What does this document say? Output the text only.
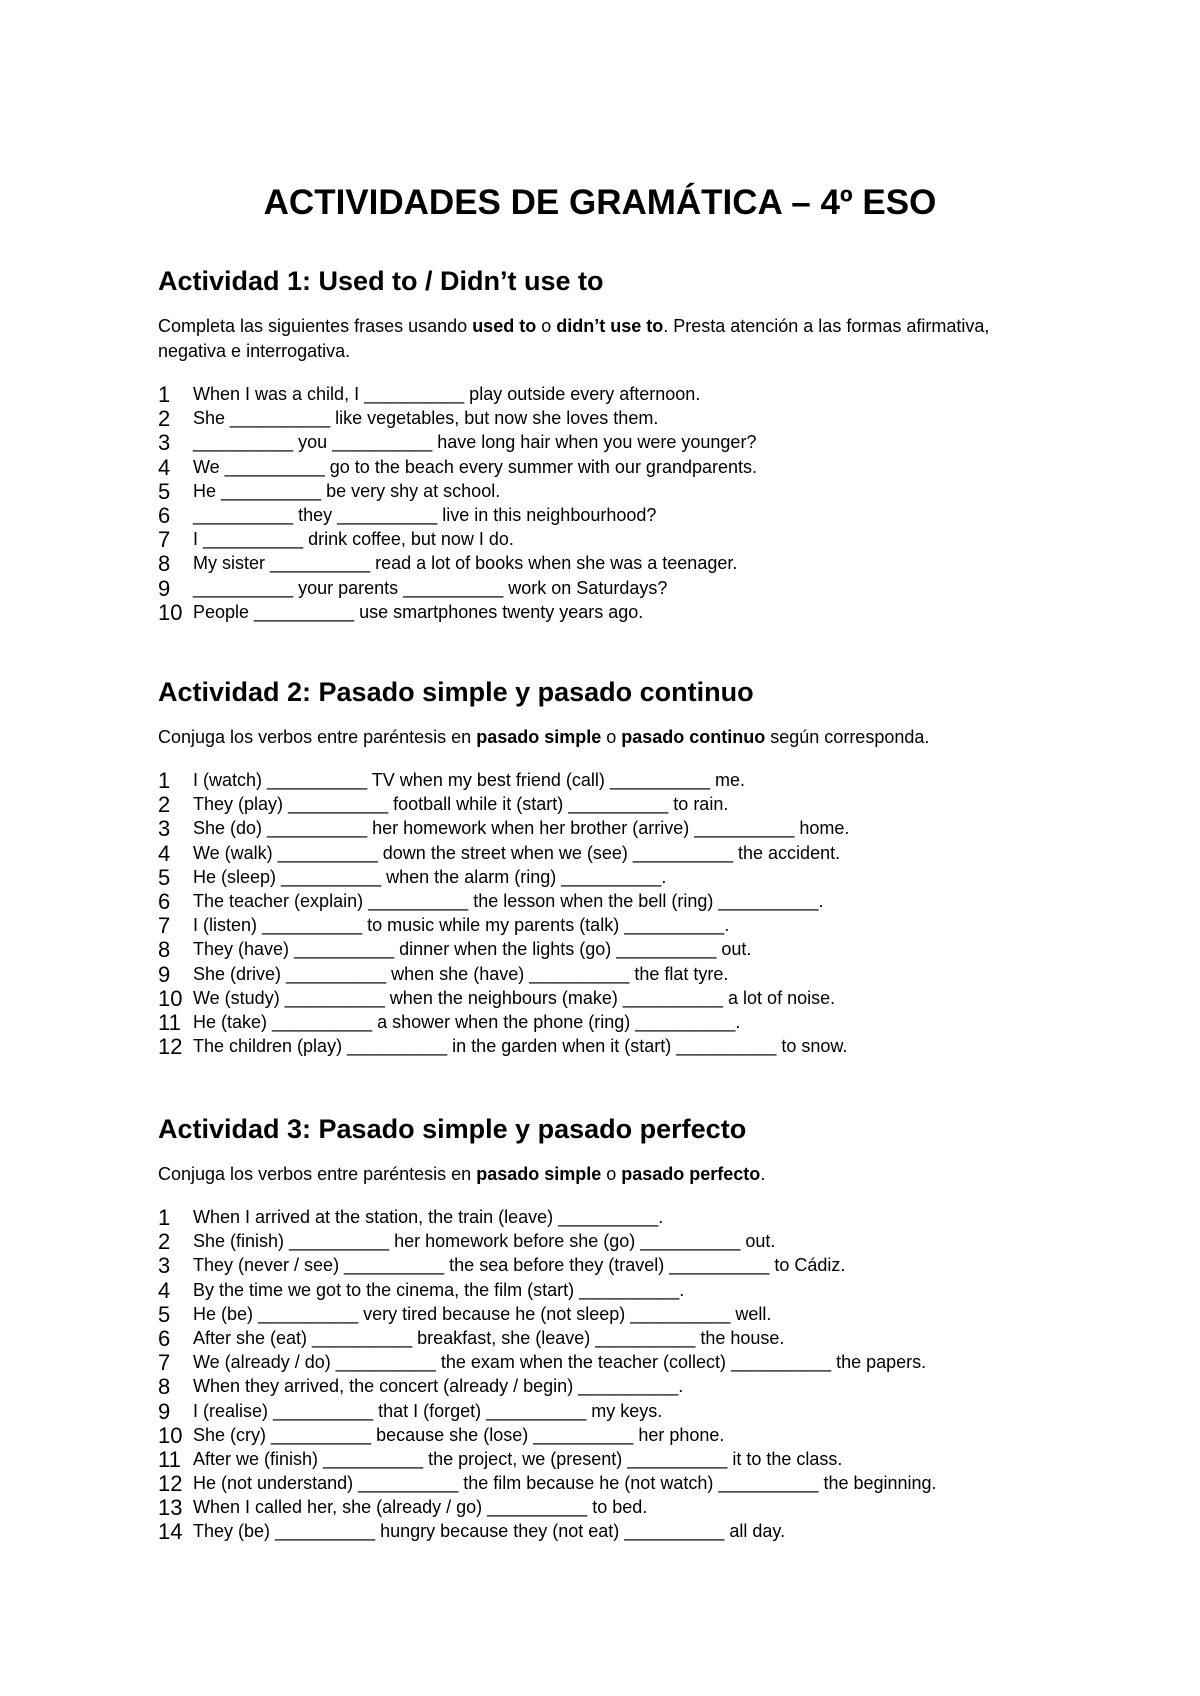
ACTIVIDADES DE GRAMÁTICA – 4º ESO
Actividad 1: Used to / Didn’t use to

Completa las siguientes frases usando used to o didn’t use to. Presta atención a las formas afirmativa, negativa e interrogativa.

1	When I was a child, I __________ play outside every afternoon.
2	She __________ like vegetables, but now she loves them.
3	__________ you __________ have long hair when you were younger?
4	We __________ go to the beach every summer with our grandparents.
5	He __________ be very shy at school.
6	__________ they __________ live in this neighbourhood?
7	I __________ drink coffee, but now I do.
8	My sister __________ read a lot of books when she was a teenager.
9	__________ your parents __________ work on Saturdays?
10 People __________ use smartphones twenty years ago.
Actividad 2: Pasado simple y pasado continuo

Conjuga los verbos entre paréntesis en pasado simple o pasado continuo según corresponda.

1	I (watch) __________ TV when my best friend (call) __________ me.
2	They (play) __________ football while it (start) __________ to rain.
3	She (do) __________ her homework when her brother (arrive) __________ home.
4	We (walk) __________ down the street when we (see) __________ the accident.
5	He (sleep) __________ when the alarm (ring) __________.
6	The teacher (explain) __________ the lesson when the bell (ring) __________.
7	I (listen) __________ to music while my parents (talk) __________.
8	They (have) __________ dinner when the lights (go) __________ out.
9	She (drive) __________ when she (have) __________ the flat tyre.
10 We (study) __________ when the neighbours (make) __________ a lot of noise.
11 He (take) __________ a shower when the phone (ring) __________.
12 The children (play) __________ in the garden when it (start) __________ to snow.
Actividad 3: Pasado simple y pasado perfecto

Conjuga los verbos entre paréntesis en pasado simple o pasado perfecto.

1	When I arrived at the station, the train (leave) __________.
2	She (finish) __________ her homework before she (go) __________ out.
3	They (never / see) __________ the sea before they (travel) __________ to Cádiz.
4	By the time we got to the cinema, the film (start) __________.
5	He (be) __________ very tired because he (not sleep) __________ well.
6	After she (eat) __________ breakfast, she (leave) __________ the house.
7	We (already / do) __________ the exam when the teacher (collect) __________ the papers.
8	When they arrived, the concert (already / begin) __________.
9	I (realise) __________ that I (forget) __________ my keys.
10 She (cry) __________ because she (lose) __________ her phone.
11 After we (finish) __________ the project, we (present) __________ it to the class.
12 He (not understand) __________ the film because he (not watch) __________ the beginning.
13 When I called her, she (already / go) __________ to bed.
14 They (be) __________ hungry because they (not eat) __________ all day.
